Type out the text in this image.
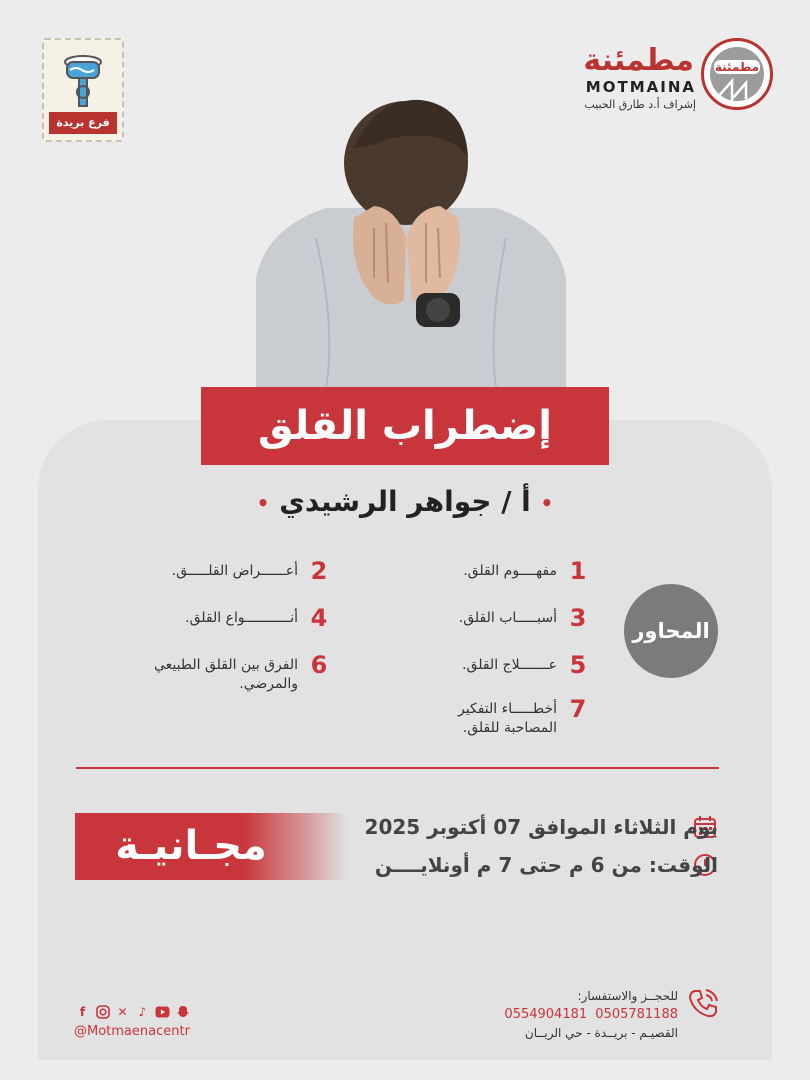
فرع بريدة
مطمئنة
مطمئنة
MOTMAINA
إشراف أ.د طارق الحبيب
إضطراب القلق
• أ / جواهر الرشيدي •
المحاور
1
مفهــــوم القلق.
2
أعــــــراض القلـــــق.
3
أسبـــــاب القلق.
4
أنـــــــــــواع القلق.
5
عـــــــلاج القلق.
6
الفرق بين القلق الطبيعي والمرضي.
7
أخطـــــاء التفكير المصاحبة للقلق.
مجـانيـة	يوم الثلاثاء الموافق 07 أكتوبر 2025
الوقت: من 6 م حتى 7 م أونلايــــن
للحجــز والاستفسار:
0505781188 0554904181
القصيـم - بريــدة - حي الريــان
f	✕ ♪
@Motmaenacentr
